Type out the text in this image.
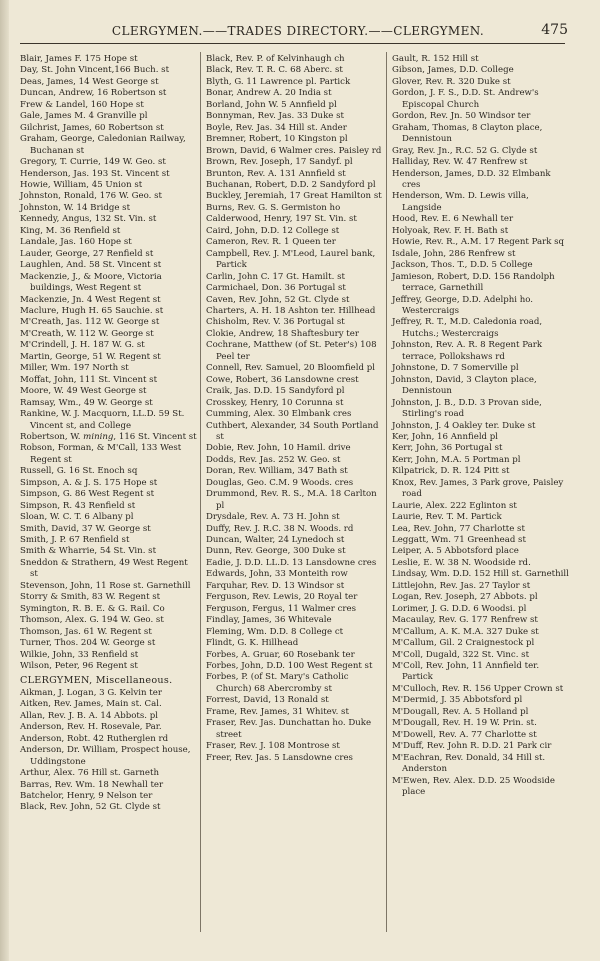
CLERGYMEN.——TRADES DIRECTORY.——CLERGYMEN.	475
Blair, James F. 175 Hope st
Day, St. John Vincent,166 Buch. st
Deas, James, 14 West George st
Duncan, Andrew, 16 Robertson st
Frew & Landel, 160 Hope st
Gale, James M. 4 Granville pl
Gilchrist, James, 60 Robertson st
Graham, George, Caledonian Railway, Buchanan st
Gregory, T. Currie, 149 W. Geo. st
Henderson, Jas. 193 St. Vincent st
Howie, William, 45 Union st
Johnston, Ronald, 176 W. Geo. st
Johnston, W. 14 Bridge st
Kennedy, Angus, 132 St. Vin. st
King, M. 36 Renfield st
Landale, Jas. 160 Hope st
Lauder, George, 27 Renfield st
Laughlen, And. 58 St. Vincent st
Mackenzie, J., & Moore, Victoria buildings, West Regent st
Mackenzie, Jn. 4 West Regent st
Maclure, Hugh H. 65 Sauchie. st
M'Creath, Jas. 112 W. George st
M'Creath, W. 112 W. George st
M'Crindell, J. H. 187 W. G. st
Martin, George, 51 W. Regent st
Miller, Wm. 197 North st
Moffat, John, 111 St. Vincent st
Moore, W. 49 West George st
Ramsay, Wm., 49 W. George st
Rankine, W. J. Macquorn, LL.D. 59 St. Vincent st, and College
Robertson, W. mining, 116 St. Vincent st
Robson, Forman, & M'Call, 133 West Regent st
Russell, G. 16 St. Enoch sq
Simpson, A. & J. S. 175 Hope st
Simpson, G. 86 West Regent st
Simpson, R. 43 Renfield st
Sloan, W. C. T. 6 Albany pl
Smith, David, 37 W. George st
Smith, J. P. 67 Renfield st
Smith & Wharrie, 54 St. Vin. st
Sneddon & Strathern, 49 West Regent st
Stevenson, John, 11 Rose st. Garnethill
Storry & Smith, 83 W. Regent st
Symington, R. B. E. & G. Rail. Co
Thomson, Alex. G. 194 W. Geo. st
Thomson, Jas. 61 W. Regent st
Turner, Thos. 204 W. George st
Wilkie, John, 33 Renfield st
Wilson, Peter, 96 Regent st
CLERGYMEN, Miscellaneous.
Aikman, J. Logan, 3 G. Kelvin ter
Aitken, Rev. James, Main st. Cal.
Allan, Rev. J. B. A. 14 Abbots. pl
Anderson, Rev. H. Rosevale, Par.
Anderson, Robt. 42 Rutherglen rd
Anderson, Dr. William, Prospect house, Uddingstone
Arthur, Alex. 76 Hill st. Garneth
Barras, Rev. Wm. 18 Newhall ter
Batchelor, Henry, 9 Nelson ter
Black, Rev. John, 52 Gt. Clyde st
Black, Rev. P. of Kelvinhaugh ch
Black, Rev. T. R. C. 68 Aberc. st
Blyth, G. 11 Lawrence pl. Partick
Bonar, Andrew A. 20 India st
Borland, John W. 5 Annfield pl
Bonnyman, Rev. Jas. 33 Duke st
Boyle, Rev. Jas. 34 Hill st. Ander
Bremner, Robert, 10 Kingston pl
Brown, David, 6 Walmer cres. Paisley rd
Brown, Rev. Joseph, 17 Sandyf. pl
Brunton, Rev. A. 131 Annfield st
Buchanan, Robert, D.D. 2 Sandyford pl
Buckley, Jeremiah, 17 Great Hamilton st
Burns, Rev. G. S. Germiston ho
Calderwood, Henry, 197 St. Vin. st
Caird, John, D.D. 12 College st
Cameron, Rev. R. 1 Queen ter
Campbell, Rev. J. M'Leod, Laurel bank, Partick
Carlin, John C. 17 Gt. Hamilt. st
Carmichael, Don. 36 Portugal st
Caven, Rev. John, 52 Gt. Clyde st
Charters, A. H. 18 Ashton ter. Hillhead
Chisholm, Rev. V. 36 Portugal st
Clokie, Andrew, 18 Shaftesbury ter
Cochrane, Matthew (of St. Peter's) 108 Peel ter
Connell, Rev. Samuel, 20 Bloomfield pl
Cowe, Robert, 36 Lansdowne crest
Craik, Jas. D.D. 15 Sandyford pl
Crosskey, Henry, 10 Corunna st
Cumming, Alex. 30 Elmbank cres
Cuthbert, Alexander, 34 South Portland st
Dobie, Rev. John, 10 Hamil. drive
Dodds, Rev. Jas. 252 W. Geo. st
Doran, Rev. William, 347 Bath st
Douglas, Geo. C.M. 9 Woods. cres
Drummond, Rev. R. S., M.A. 18 Carlton pl
Drysdale, Rev. A. 73 H. John st
Duffy, Rev. J. R.C. 38 N. Woods. rd
Duncan, Walter, 24 Lynedoch st
Dunn, Rev. George, 300 Duke st
Eadie, J. D.D. LL.D. 13 Lansdowne cres
Edwards, John, 33 Monteith row
Farquhar, Rev. D. 13 Windsor st
Ferguson, Rev. Lewis, 20 Royal ter
Ferguson, Fergus, 11 Walmer cres
Findlay, James, 36 Whitevale
Fleming, Wm. D.D. 8 College ct
Flindt, G. K. Hillhead
Forbes, A. Gruar, 60 Rosebank ter
Forbes, John, D.D. 100 West Regent st
Forbes, P. (of St. Mary's Catholic Church) 68 Abercromby st
Forrest, David, 13 Ronald st
Frame, Rev. James, 31 Whitev. st
Fraser, Rev. Jas. Dunchattan ho. Duke street
Fraser, Rev. J. 108 Montrose st
Freer, Rev. Jas. 5 Lansdowne cres
Gault, R. 152 Hill st
Gibson, James, D.D. College
Glover, Rev. R. 320 Duke st
Gordon, J. F. S., D.D. St. Andrew's Episcopal Church
Gordon, Rev. Jn. 50 Windsor ter
Graham, Thomas, 8 Clayton place, Dennistoun
Gray, Rev. Jn., R.C. 52 G. Clyde st
Halliday, Rev. W. 47 Renfrew st
Henderson, James, D.D. 32 Elmbank cres
Henderson, Wm. D. Lewis villa, Langside
Hood, Rev. E. 6 Newhall ter
Holyoak, Rev. F. H. Bath st
Howie, Rev. R., A.M. 17 Regent Park sq
Isdale, John, 286 Renfrew st
Jackson, Thos. T., D.D. 5 College
Jamieson, Robert, D.D. 156 Randolph terrace, Garnethill
Jeffrey, George, D.D. Adelphi ho. Westercraigs
Jeffrey, R. T., M.D. Caledonia road, Hutchs.; Westercraigs
Johnston, Rev. A. R. 8 Regent Park terrace, Pollokshaws rd
Johnstone, D. 7 Somerville pl
Johnston, David, 3 Clayton place, Dennistoun
Johnston, J. B., D.D. 3 Provan side, Stirling's road
Johnston, J. 4 Oakley ter. Duke st
Ker, John, 16 Annfield pl
Kerr, John, 36 Portugal st
Kerr, John, M.A. 5 Portman pl
Kilpatrick, D. R. 124 Pitt st
Knox, Rev. James, 3 Park grove, Paisley road
Laurie, Alex. 222 Eglinton st
Laurie, Rev. T. M. Partick
Lea, Rev. John, 77 Charlotte st
Leggatt, Wm. 71 Greenhead st
Leiper, A. 5 Abbotsford place
Leslie, E. W. 38 N. Woodside rd.
Lindsay, Wm. D.D. 152 Hill st. Garnethill
Littlejohn, Rev. Jas. 27 Taylor st
Logan, Rev. Joseph, 27 Abbots. pl
Lorimer, J. G. D.D. 6 Woodsi. pl
Macaulay, Rev. G. 177 Renfrew st
M'Callum, A. K. M.A. 327 Duke st
M'Callum, Gil. 2 Craignestock pl
M'Coll, Dugald, 322 St. Vinc. st
M'Coll, Rev. John, 11 Annfield ter. Partick
M'Culloch, Rev. R. 156 Upper Crown st
M'Dermid, J. 35 Abbotsford pl
M'Dougall, Rev. A. 5 Holland pl
M'Dougall, Rev. H. 19 W. Prin. st.
M'Dowell, Rev. A. 77 Charlotte st
M'Duff, Rev. John R. D.D. 21 Park cir
M'Eachran, Rev. Donald, 34 Hill st. Anderston
M'Ewen, Rev. Alex. D.D. 25 Woodside place
